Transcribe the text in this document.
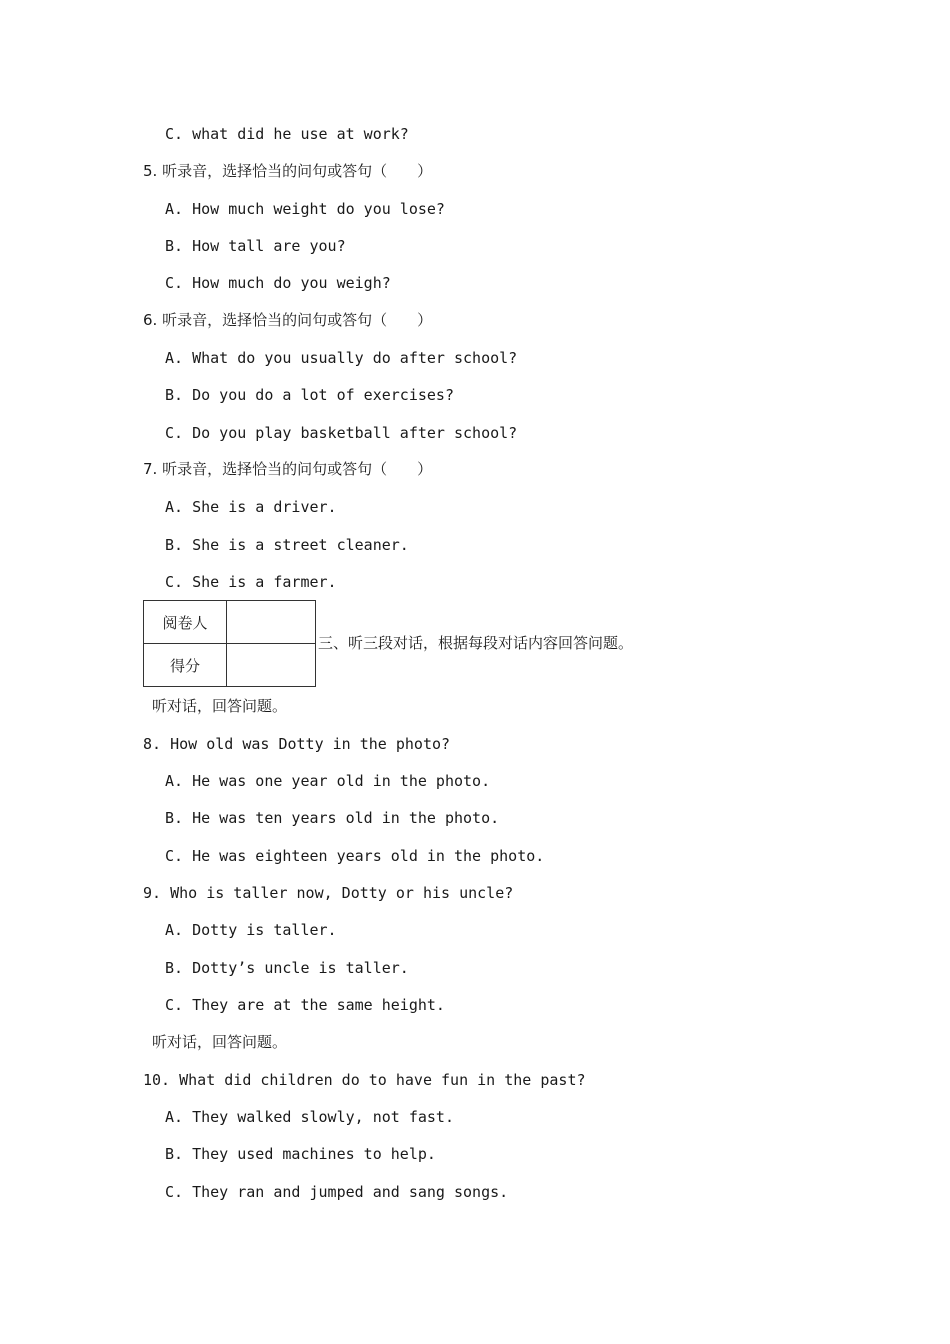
C. what did he use at work?
5. 听录音，选择恰当的问句或答句（　　）
A. How much weight do you lose?
B. How tall are you?
C. How much do you weigh?
6. 听录音，选择恰当的问句或答句（　　）
A. What do you usually do after school?
B. Do you do a lot of exercises?
C. Do you play basketball after school?
7. 听录音，选择恰当的问句或答句（　　）
A. She is a driver.
B. She is a street cleaner.
C. She is a farmer.
阅卷人	
得分	
三、听三段对话，根据每段对话内容回答问题。
听对话，回答问题。
8. How old was Dotty in the photo?
A. He was one year old in the photo.
B. He was ten years old in the photo.
C. He was eighteen years old in the photo.
9. Who is taller now, Dotty or his uncle?
A. Dotty is taller.
B. Dotty’s uncle is taller.
C. They are at the same height.
听对话，回答问题。
10. What did children do to have fun in the past?
A. They walked slowly, not fast.
B. They used machines to help.
C. They ran and jumped and sang songs.
